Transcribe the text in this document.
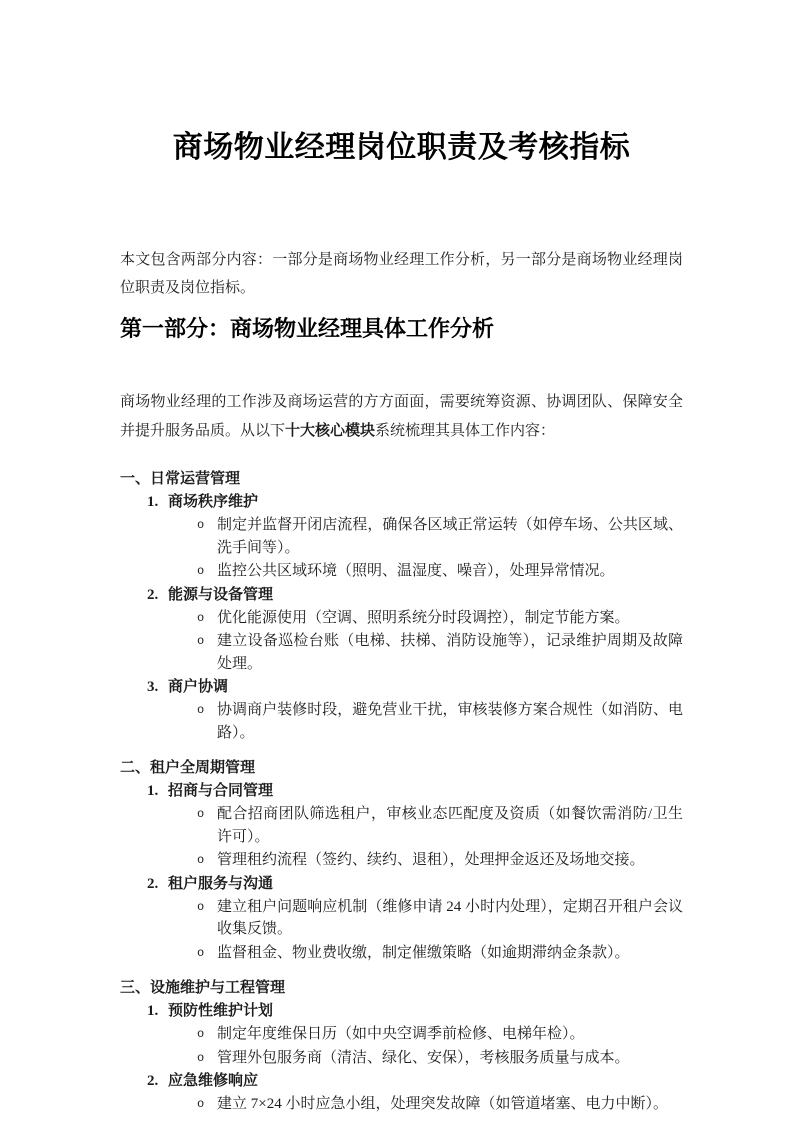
商场物业经理岗位职责及考核指标

本文包含两部分内容：一部分是商场物业经理工作分析，另一部分是商场物业经理岗位职责及岗位指标。

第一部分：商场物业经理具体工作分析

商场物业经理的工作涉及商场运营的方方面面，需要统筹资源、协调团队、保障安全并提升服务品质。从以下十大核心模块系统梳理其具体工作内容：

一、日常运营管理
1. 商场秩序维护
o 制定并监督开闭店流程，确保各区域正常运转（如停车场、公共区域、洗手间等）。
o 监控公共区域环境（照明、温湿度、噪音），处理异常情况。
2. 能源与设备管理
o 优化能源使用（空调、照明系统分时段调控），制定节能方案。
o 建立设备巡检台账（电梯、扶梯、消防设施等），记录维护周期及故障处理。
3. 商户协调
o 协调商户装修时段，避免营业干扰，审核装修方案合规性（如消防、电路）。
二、租户全周期管理
1. 招商与合同管理
o 配合招商团队筛选租户，审核业态匹配度及资质（如餐饮需消防/卫生许可）。
o 管理租约流程（签约、续约、退租），处理押金返还及场地交接。
2. 租户服务与沟通
o 建立租户问题响应机制（维修申请 24 小时内处理），定期召开租户会议收集反馈。
o 监督租金、物业费收缴，制定催缴策略（如逾期滞纳金条款）。
三、设施维护与工程管理
1. 预防性维护计划
o 制定年度维保日历（如中央空调季前检修、电梯年检）。
o 管理外包服务商（清洁、绿化、安保），考核服务质量与成本。
2. 应急维修响应
o 建立 7×24 小时应急小组，处理突发故障（如管道堵塞、电力中断）。
